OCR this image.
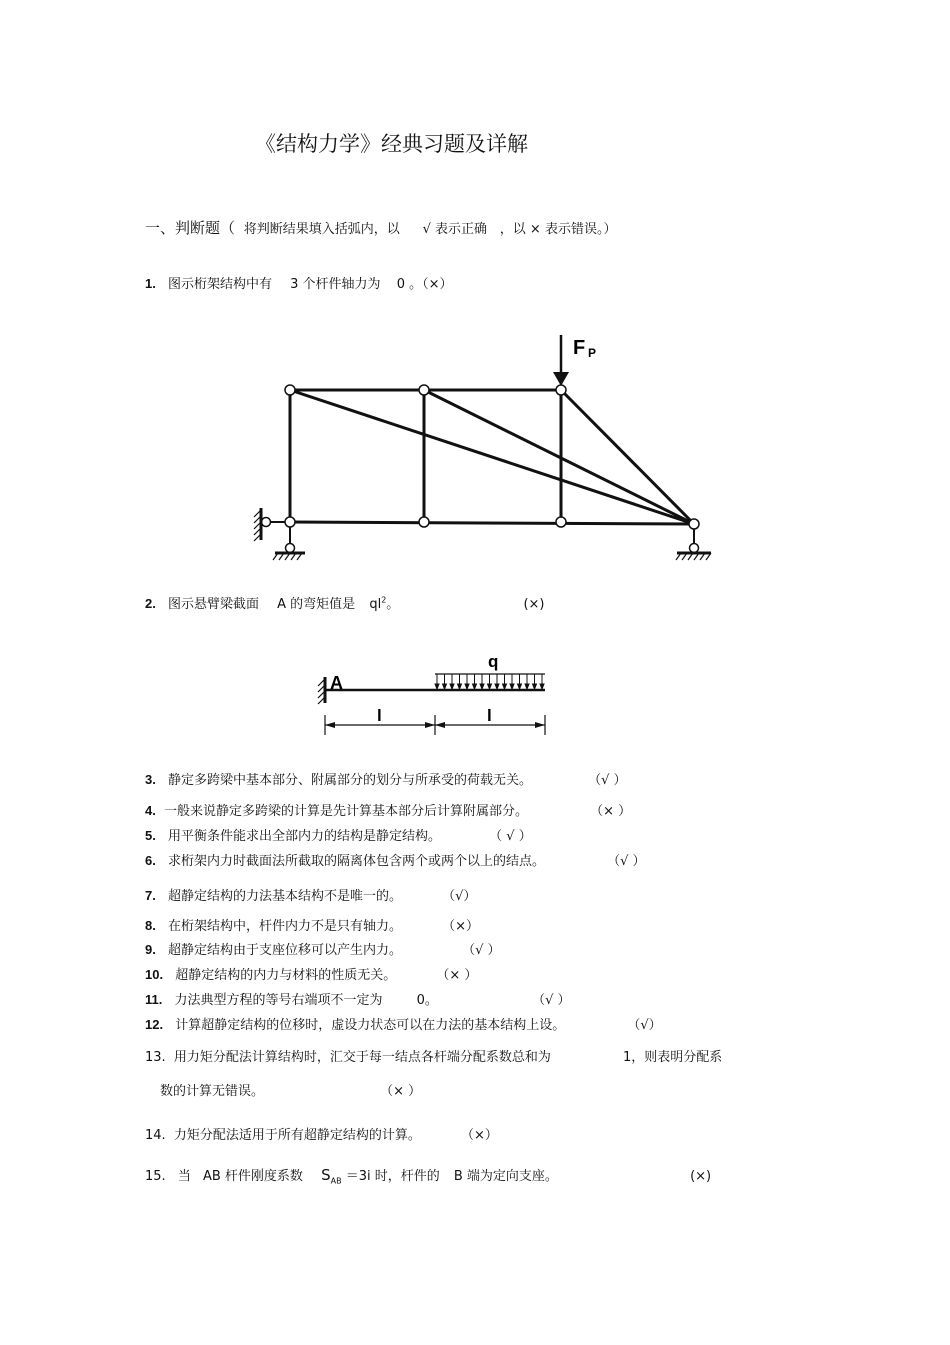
《结构力学》经典习题及详解
一、判断题（ 将判断结果填入括弧内，以 √ 表示正确 ，以 × 表示错误。）
1. 图示桁架结构中有 3 个杆件轴力为 0 。（×）
F P
2. 图示悬臂梁截面 A 的弯矩值是 $ql^2$。	(×)
A
q
l	l
3. 静定多跨梁中基本部分、附属部分的划分与所承受的荷载无关。	（√ ）
4. 一般来说静定多跨梁的计算是先计算基本部分后计算附属部分。	（× ）
5. 用平衡条件能求出全部内力的结构是静定结构。	（ √ ）
6. 求桁架内力时截面法所截取的隔离体包含两个或两个以上的结点。	（√ ）
7. 超静定结构的力法基本结构不是唯一的。	（√）
8. 在桁架结构中，杆件内力不是只有轴力。	（×）
9. 超静定结构由于支座位移可以产生内力。	（√ ）
10. 超静定结构的内力与材料的性质无关。	（× ）
11. 力法典型方程的等号右端项不一定为	0。	（√ ）
12. 计算超静定结构的位移时，虚设力状态可以在力法的基本结构上设。	（√）
13. 用力矩分配法计算结构时，汇交于每一结点各杆端分配系数总和为	1，则表明分配系
数的计算无错误。	（× ）
14. 力矩分配法适用于所有超静定结构的计算。	（×）
15. 当 AB 杆件刚度系数 $S_{AB} =3i$ 时，杆件的 B 端为定向支座。	(×)
